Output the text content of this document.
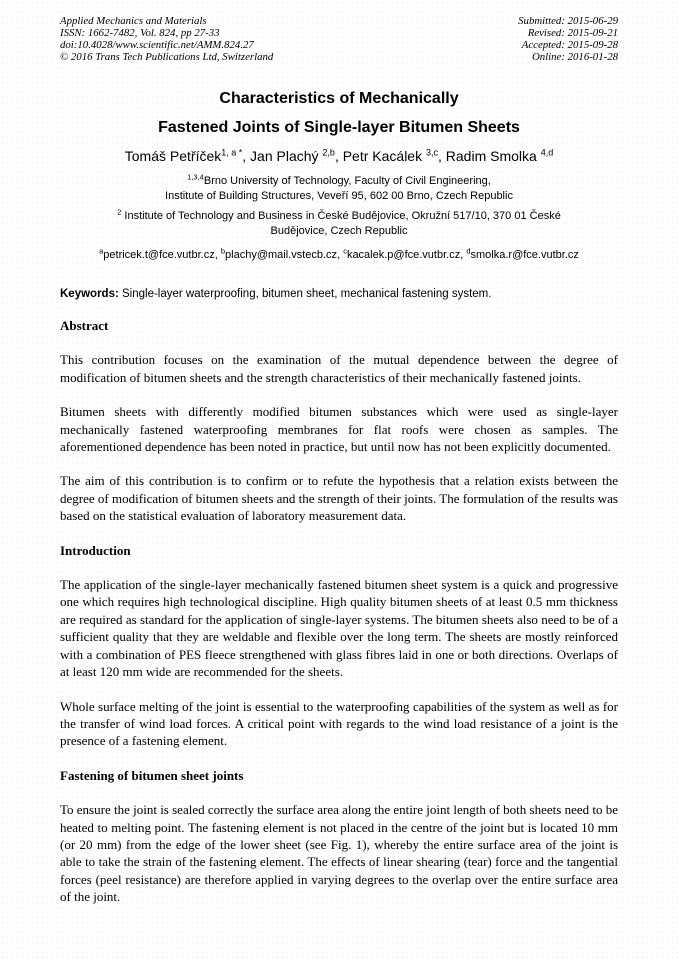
Applied Mechanics and Materials
ISSN: 1662-7482, Vol. 824, pp 27-33
doi:10.4028/www.scientific.net/AMM.824.27
© 2016 Trans Tech Publications Ltd, Switzerland
Submitted: 2015-06-29
Revised: 2015-09-21
Accepted: 2015-09-28
Online: 2016-01-28
Characteristics of Mechanically
Fastened Joints of Single-layer Bitumen Sheets
Tomáš Petříček$^{1, a *}$, Jan Plachý $^{2,b}$, Petr Kacálek $^{3,c}$, Radim Smolka $^{4,d}$
$^{1,3,4}$Brno University of Technology, Faculty of Civil Engineering,
Institute of Building Structures, Veveří 95, 602 00 Brno, Czech Republic
$^2$ Institute of Technology and Business in České Budějovice, Okružní 517/10, 370 01 České
Budějovice, Czech Republic
$^a$petricek.t@fce.vutbr.cz, $^b$plachy@mail.vstecb.cz, $^c$kacalek.p@fce.vutbr.cz, $^d$smolka.r@fce.vutbr.cz
Keywords: Single-layer waterproofing, bitumen sheet, mechanical fastening system.
Abstract

This contribution focuses on the examination of the mutual dependence between the degree of modification of bitumen sheets and the strength characteristics of their mechanically fastened joints.

Bitumen sheets with differently modified bitumen substances which were used as single-layer mechanically fastened waterproofing membranes for flat roofs were chosen as samples. The aforementioned dependence has been noted in practice, but until now has not been explicitly documented.

The aim of this contribution is to confirm or to refute the hypothesis that a relation exists between the degree of modification of bitumen sheets and the strength of their joints. The formulation of the results was based on the statistical evaluation of laboratory measurement data.

Introduction

The application of the single-layer mechanically fastened bitumen sheet system is a quick and progressive one which requires high technological discipline. High quality bitumen sheets of at least 0.5 mm thickness are required as standard for the application of single-layer systems. The bitumen sheets also need to be of a sufficient quality that they are weldable and flexible over the long term. The sheets are mostly reinforced with a combination of PES fleece strengthened with glass fibres laid in one or both directions. Overlaps of at least 120 mm wide are recommended for the sheets.

Whole surface melting of the joint is essential to the waterproofing capabilities of the system as well as for the transfer of wind load forces. A critical point with regards to the wind load resistance of a joint is the presence of a fastening element.

Fastening of bitumen sheet joints

To ensure the joint is sealed correctly the surface area along the entire joint length of both sheets need to be heated to melting point. The fastening element is not placed in the centre of the joint but is located 10 mm (or 20 mm) from the edge of the lower sheet (see Fig. 1), whereby the entire surface area of the joint is able to take the strain of the fastening element. The effects of linear shearing (tear) force and the tangential forces (peel resistance) are therefore applied in varying degrees to the overlap over the entire surface area of the joint.
